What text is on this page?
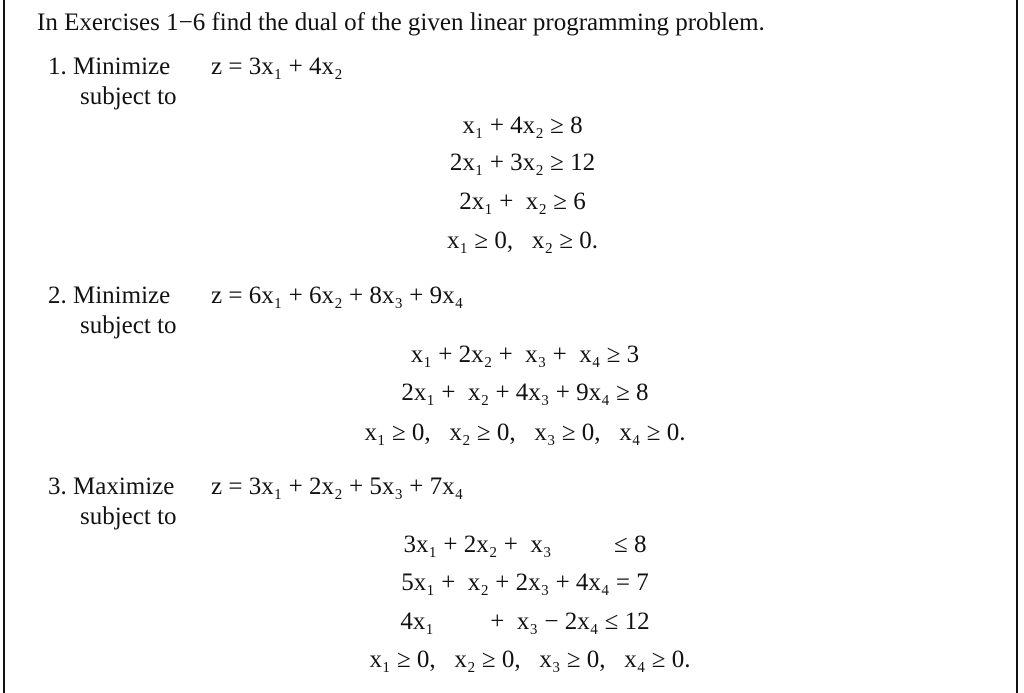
In Exercises 1−6 find the dual of the given linear programming problem.
1. Minimize z = 3x₁ + 4x₂
subject to
x₁ + 4x₂ ≥ 8
2x₁ + 3x₂ ≥ 12
2x₁ +  x₂ ≥ 6
x₁ ≥ 0,   x₂ ≥ 0.
2. Minimize z = 6x₁ + 6x₂ + 8x₃ + 9x₄
subject to
x₁ + 2x₂ +  x₃ +  x₄ ≥ 3
2x₁ +  x₂ + 4x₃ + 9x₄ ≥ 8
x₁ ≥ 0,   x₂ ≥ 0,   x₃ ≥ 0,   x₄ ≥ 0.
3. Maximize z = 3x₁ + 2x₂ + 5x₃ + 7x₄
subject to
3x₁ + 2x₂ +  x₃          ≤ 8
5x₁ +  x₂ + 2x₃ + 4x₄ = 7
4x₁         +  x₃ − 2x₄ ≤ 12
x₁ ≥ 0,   x₂ ≥ 0,   x₃ ≥ 0,   x₄ ≥ 0.
